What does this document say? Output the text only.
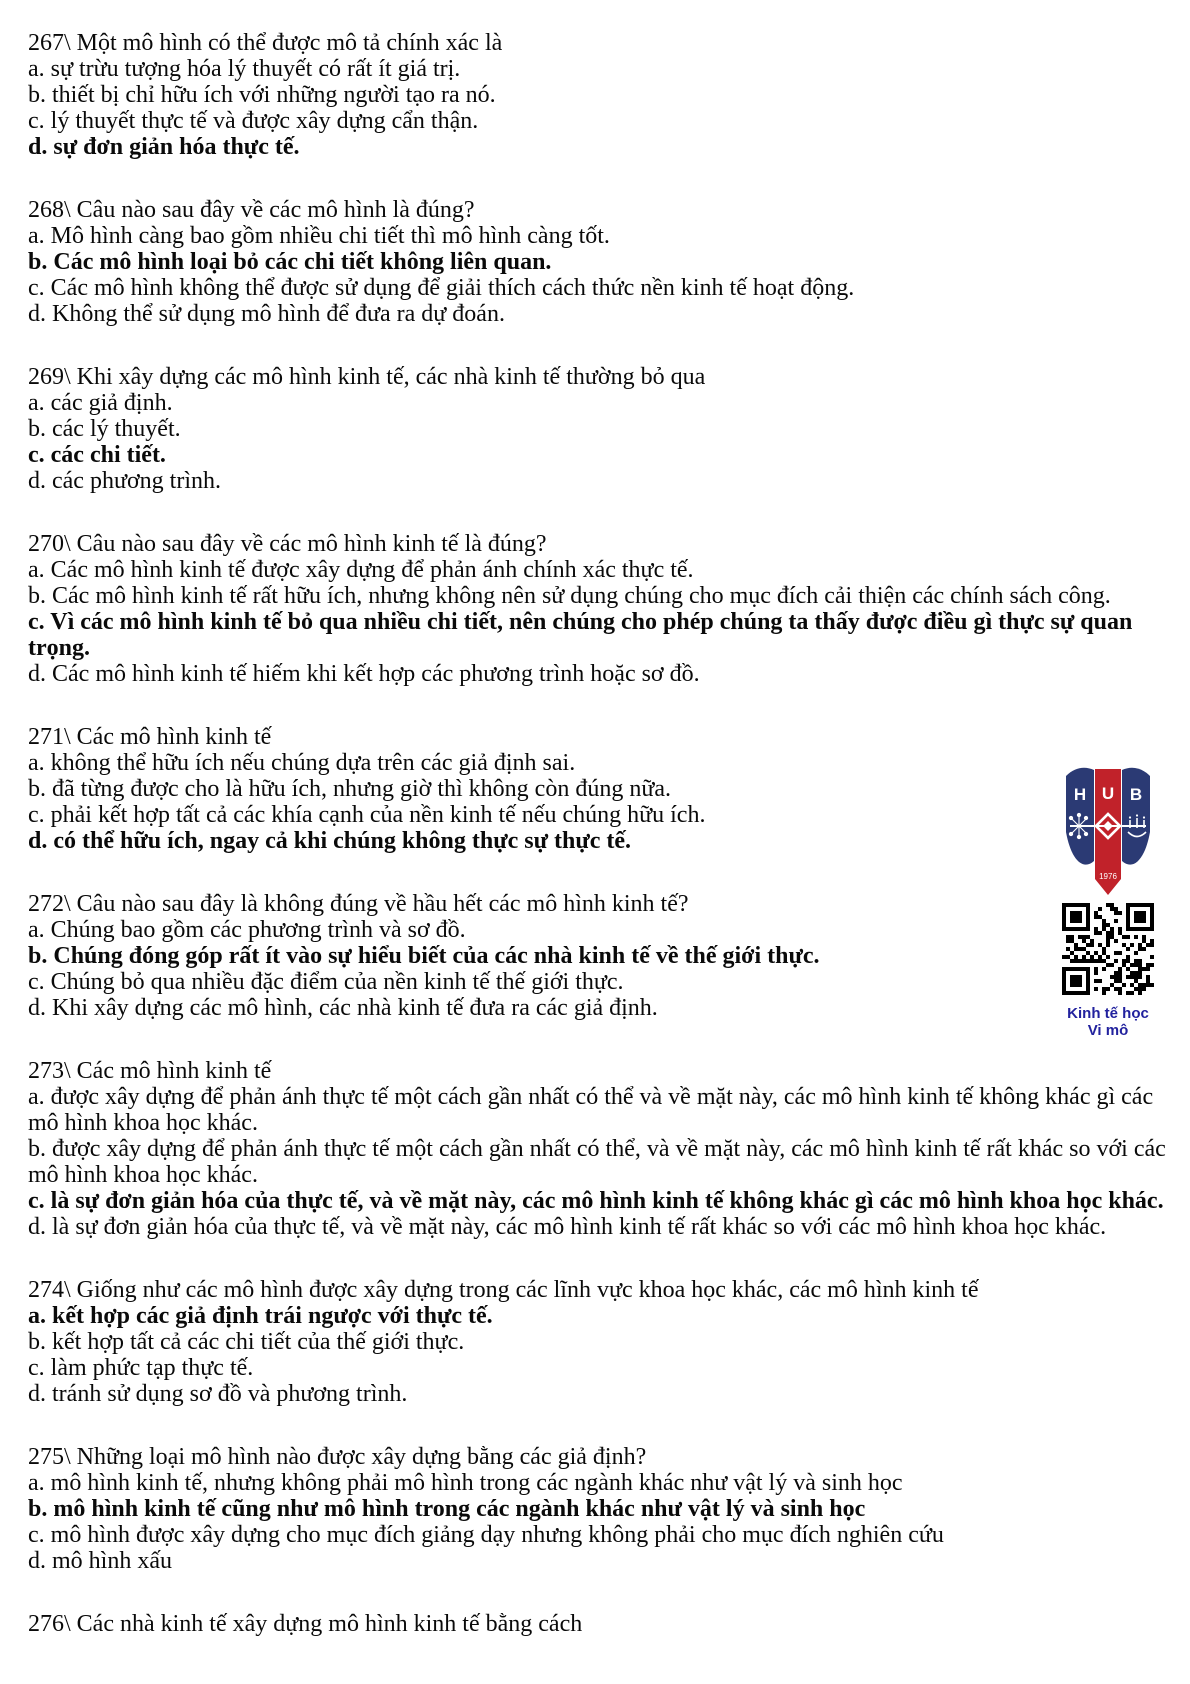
267\ Một mô hình có thể được mô tả chính xác là
a. sự trừu tượng hóa lý thuyết có rất ít giá trị.
b. thiết bị chỉ hữu ích với những người tạo ra nó.
c. lý thuyết thực tế và được xây dựng cẩn thận.
d. sự đơn giản hóa thực tế.
268\ Câu nào sau đây về các mô hình là đúng?
a. Mô hình càng bao gồm nhiều chi tiết thì mô hình càng tốt.
b. Các mô hình loại bỏ các chi tiết không liên quan.
c. Các mô hình không thể được sử dụng để giải thích cách thức nền kinh tế hoạt động.
d. Không thể sử dụng mô hình để đưa ra dự đoán.
269\ Khi xây dựng các mô hình kinh tế, các nhà kinh tế thường bỏ qua
a. các giả định.
b. các lý thuyết.
c. các chi tiết.
d. các phương trình.
270\ Câu nào sau đây về các mô hình kinh tế là đúng?
a. Các mô hình kinh tế được xây dựng để phản ánh chính xác thực tế.
b. Các mô hình kinh tế rất hữu ích, nhưng không nên sử dụng chúng cho mục đích cải thiện các chính sách công.
c. Vì các mô hình kinh tế bỏ qua nhiều chi tiết, nên chúng cho phép chúng ta thấy được điều gì thực sự quan trọng.
d. Các mô hình kinh tế hiếm khi kết hợp các phương trình hoặc sơ đồ.
271\ Các mô hình kinh tế
a. không thể hữu ích nếu chúng dựa trên các giả định sai.
b. đã từng được cho là hữu ích, nhưng giờ thì không còn đúng nữa.
c. phải kết hợp tất cả các khía cạnh của nền kinh tế nếu chúng hữu ích.
d. có thể hữu ích, ngay cả khi chúng không thực sự thực tế.
272\ Câu nào sau đây là không đúng về hầu hết các mô hình kinh tế?
a. Chúng bao gồm các phương trình và sơ đồ.
b. Chúng đóng góp rất ít vào sự hiểu biết của các nhà kinh tế về thế giới thực.
c. Chúng bỏ qua nhiều đặc điểm của nền kinh tế thế giới thực.
d. Khi xây dựng các mô hình, các nhà kinh tế đưa ra các giả định.
273\ Các mô hình kinh tế
a. được xây dựng để phản ánh thực tế một cách gần nhất có thể và về mặt này, các mô hình kinh tế không khác gì các mô hình khoa học khác.
b. được xây dựng để phản ánh thực tế một cách gần nhất có thể, và về mặt này, các mô hình kinh tế rất khác so với các mô hình khoa học khác.
c. là sự đơn giản hóa của thực tế, và về mặt này, các mô hình kinh tế không khác gì các mô hình khoa học khác.
d. là sự đơn giản hóa của thực tế, và về mặt này, các mô hình kinh tế rất khác so với các mô hình khoa học khác.
274\ Giống như các mô hình được xây dựng trong các lĩnh vực khoa học khác, các mô hình kinh tế
a. kết hợp các giả định trái ngược với thực tế.
b. kết hợp tất cả các chi tiết của thế giới thực.
c. làm phức tạp thực tế.
d. tránh sử dụng sơ đồ và phương trình.
275\ Những loại mô hình nào được xây dựng bằng các giả định?
a. mô hình kinh tế, nhưng không phải mô hình trong các ngành khác như vật lý và sinh học
b. mô hình kinh tế cũng như mô hình trong các ngành khác như vật lý và sinh học
c. mô hình được xây dựng cho mục đích giảng dạy nhưng không phải cho mục đích nghiên cứu
d. mô hình xấu
276\ Các nhà kinh tế xây dựng mô hình kinh tế bằng cách
H U B
1976
Kinh tế học
Vi mô
